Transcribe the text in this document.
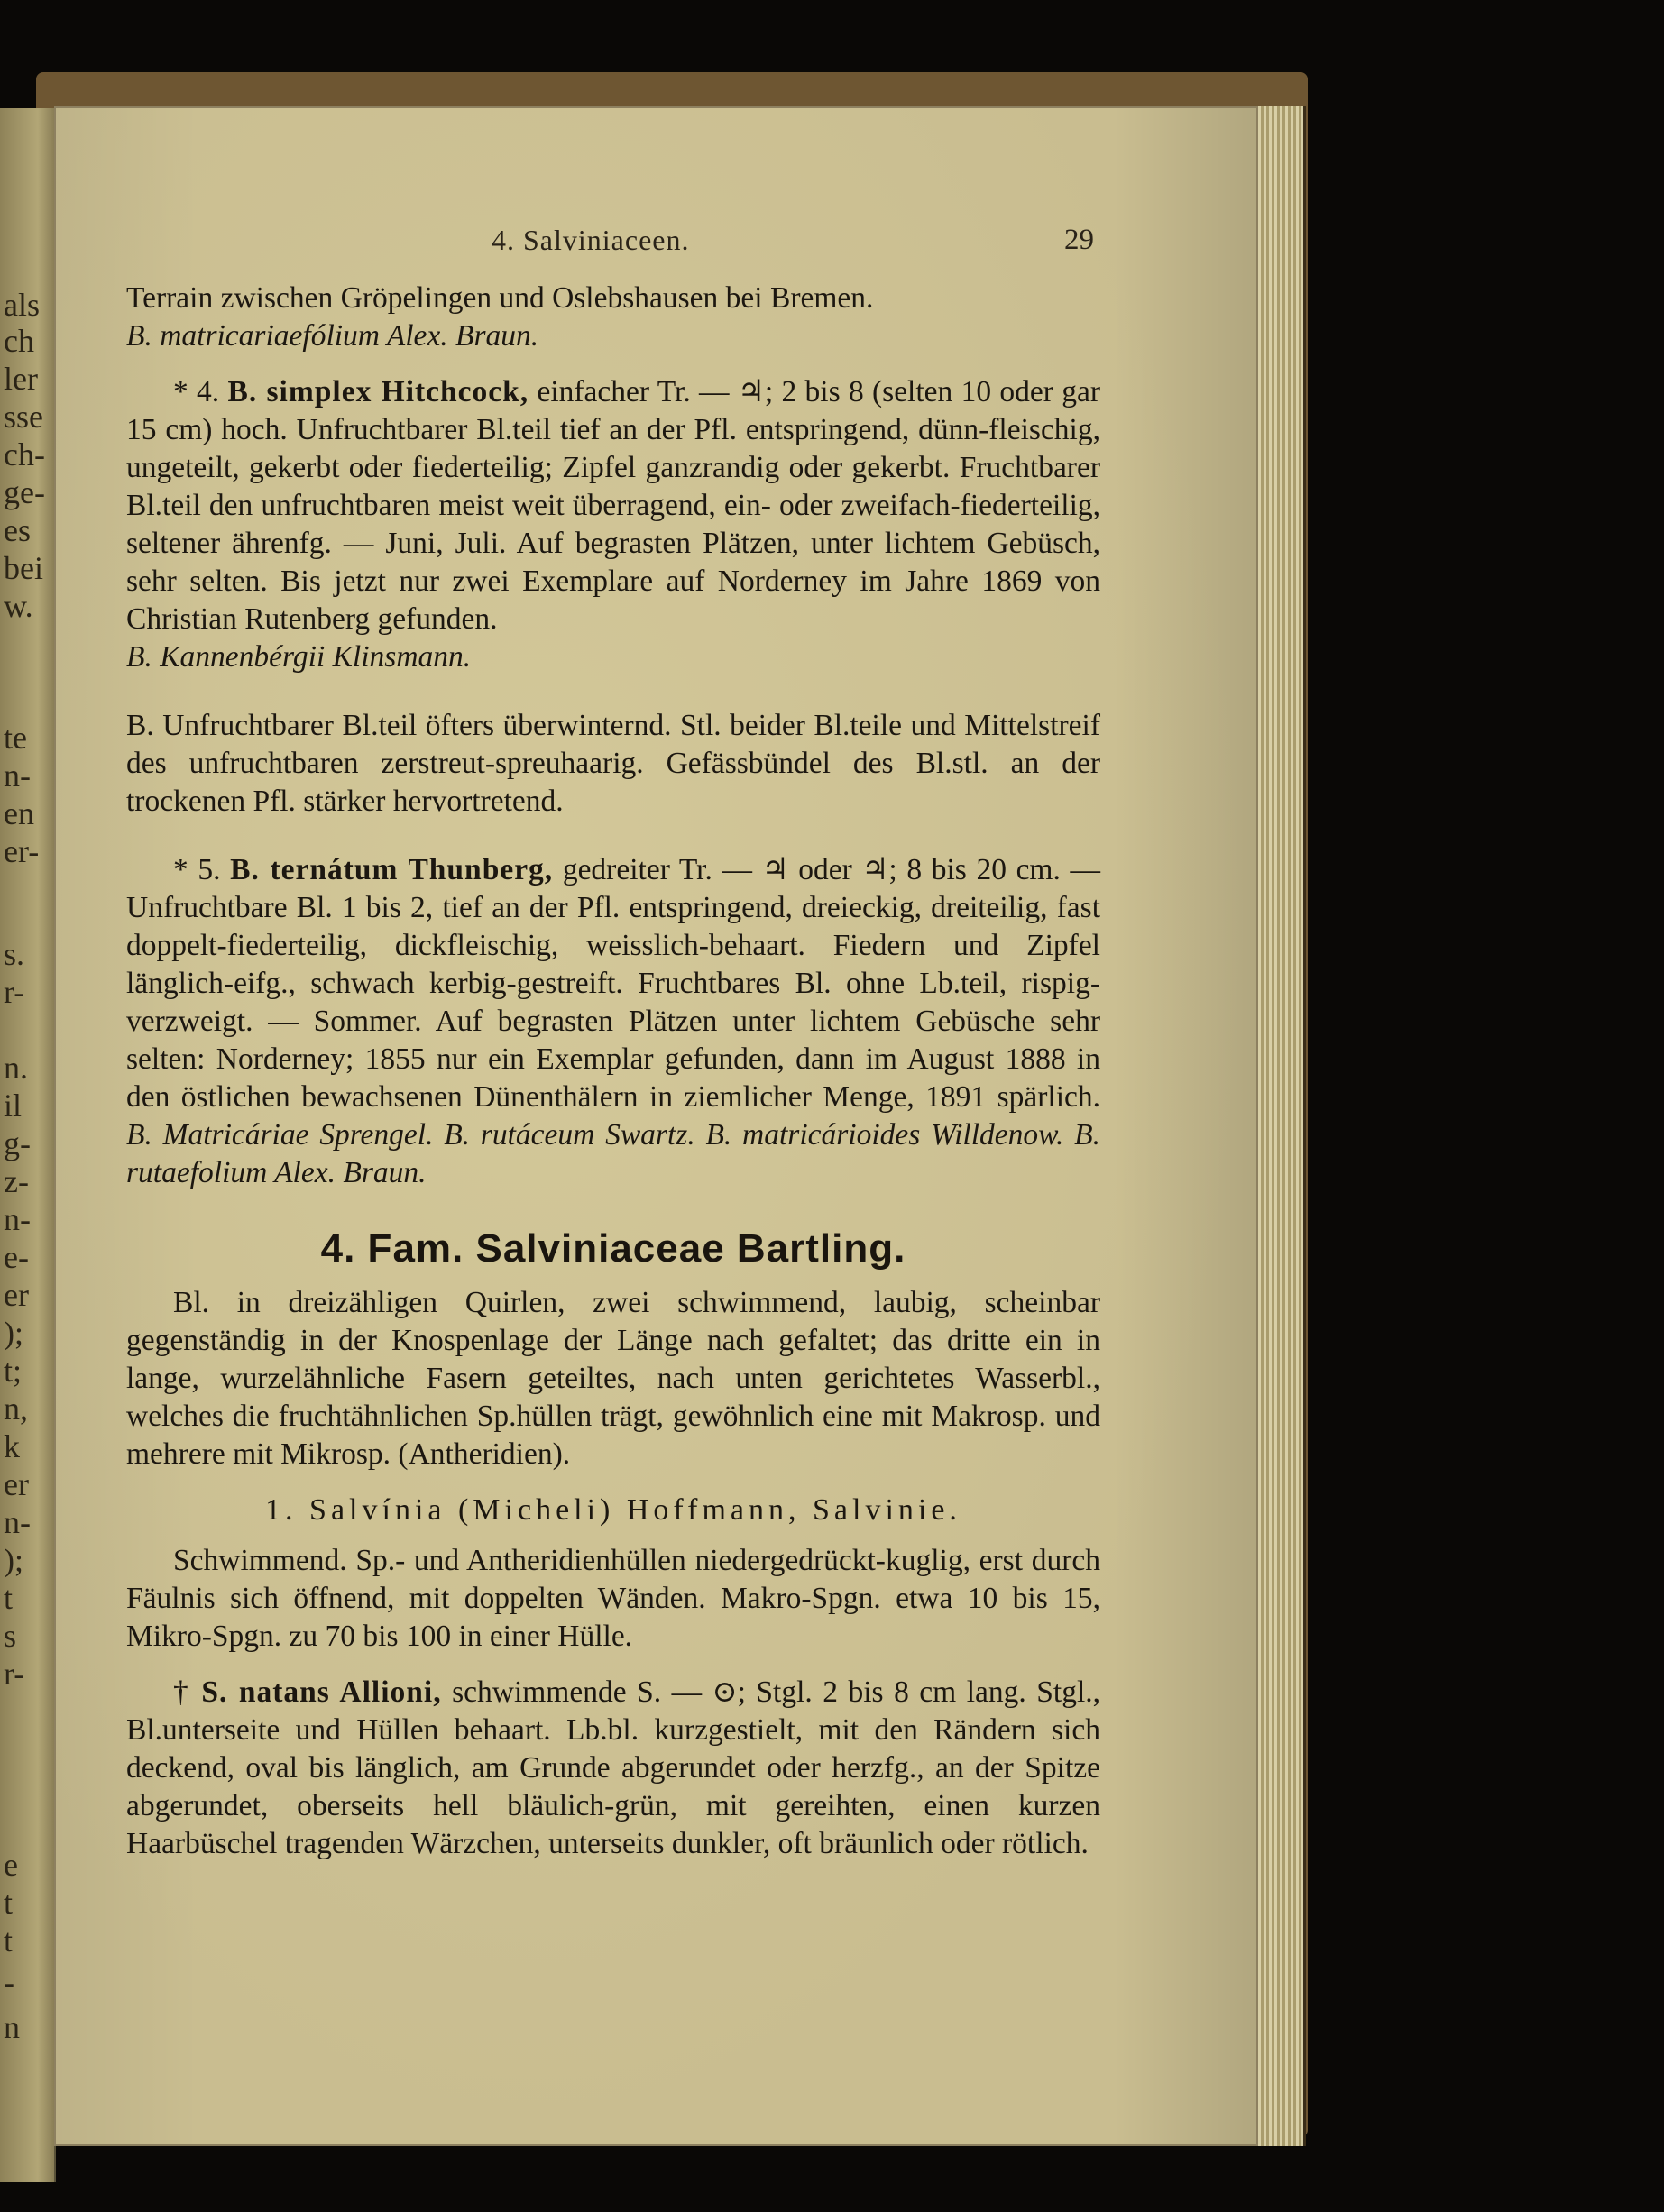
als
ch
ler
sse
ch-
ge-
es
bei
w.
te
n-
en
er-
s.
r-
n.
il
g-
z-
n-
e-
er
);
t;
n,
k
er
n-
);
t
s
r-
e
t
t
-
n
4. Salviniaceen.	29

Terrain zwischen Gröpelingen und Oslebshausen bei Bremen.
B. matricariaefólium Alex. Braun.

* 4. B. simplex Hitchcock, einfacher Tr. — ♃; 2 bis 8 (selten 10 oder gar 15 cm) hoch. Unfruchtbarer Bl.teil tief an der Pfl. entspringend, dünn-fleischig, ungeteilt, gekerbt oder fiederteilig; Zipfel ganzrandig oder gekerbt. Fruchtbarer Bl.teil den unfruchtbaren meist weit überragend, ein- oder zweifach-fiederteilig, seltener ährenfg. — Juni, Juli. Auf begrasten Plätzen, unter lichtem Gebüsch, sehr selten. Bis jetzt nur zwei Exemplare auf Norderney im Jahre 1869 von Christian Rutenberg gefunden.
B. Kannenbérgii Klinsmann.

B. Unfruchtbarer Bl.teil öfters überwinternd. Stl. beider Bl.teile und Mittelstreif des unfruchtbaren zerstreut-spreuhaarig. Gefässbündel des Bl.stl. an der trockenen Pfl. stärker hervortretend.

* 5. B. ternátum Thunberg, gedreiter Tr. — ♃ oder ♃; 8 bis 20 cm. — Unfruchtbare Bl. 1 bis 2, tief an der Pfl. entspringend, dreieckig, dreiteilig, fast doppelt-fiederteilig, dickfleischig, weisslich-behaart. Fiedern und Zipfel länglich-eifg., schwach kerbig-gestreift. Fruchtbares Bl. ohne Lb.teil, rispig-verzweigt. — Sommer. Auf begrasten Plätzen unter lichtem Gebüsche sehr selten: Norderney; 1855 nur ein Exemplar gefunden, dann im August 1888 in den östlichen bewachsenen Dünenthälern in ziemlicher Menge, 1891 spärlich. B. Matricáriae Sprengel. B. rutáceum Swartz. B. matricárioides Willdenow. B. rutaefolium Alex. Braun.

4. Fam. Salviniaceae Bartling.

Bl. in dreizähligen Quirlen, zwei schwimmend, laubig, scheinbar gegenständig in der Knospenlage der Länge nach gefaltet; das dritte ein in lange, wurzelähnliche Fasern geteiltes, nach unten gerichtetes Wasserbl., welches die fruchtähnlichen Sp.hüllen trägt, gewöhnlich eine mit Makrosp. und mehrere mit Mikrosp. (Antheridien).

1. Salvínia (Micheli) Hoffmann, Salvinie.

Schwimmend. Sp.- und Antheridienhüllen niedergedrückt-kuglig, erst durch Fäulnis sich öffnend, mit doppelten Wänden. Makro-Spgn. etwa 10 bis 15, Mikro-Spgn. zu 70 bis 100 in einer Hülle.

† S. natans Allioni, schwimmende S. — ⊙; Stgl. 2 bis 8 cm lang. Stgl., Bl.unterseite und Hüllen behaart. Lb.bl. kurzgestielt, mit den Rändern sich deckend, oval bis länglich, am Grunde abgerundet oder herzfg., an der Spitze abgerundet, oberseits hell bläulich-grün, mit gereihten, einen kurzen Haarbüschel tragenden Wärzchen, unterseits dunkler, oft bräunlich oder rötlich.
